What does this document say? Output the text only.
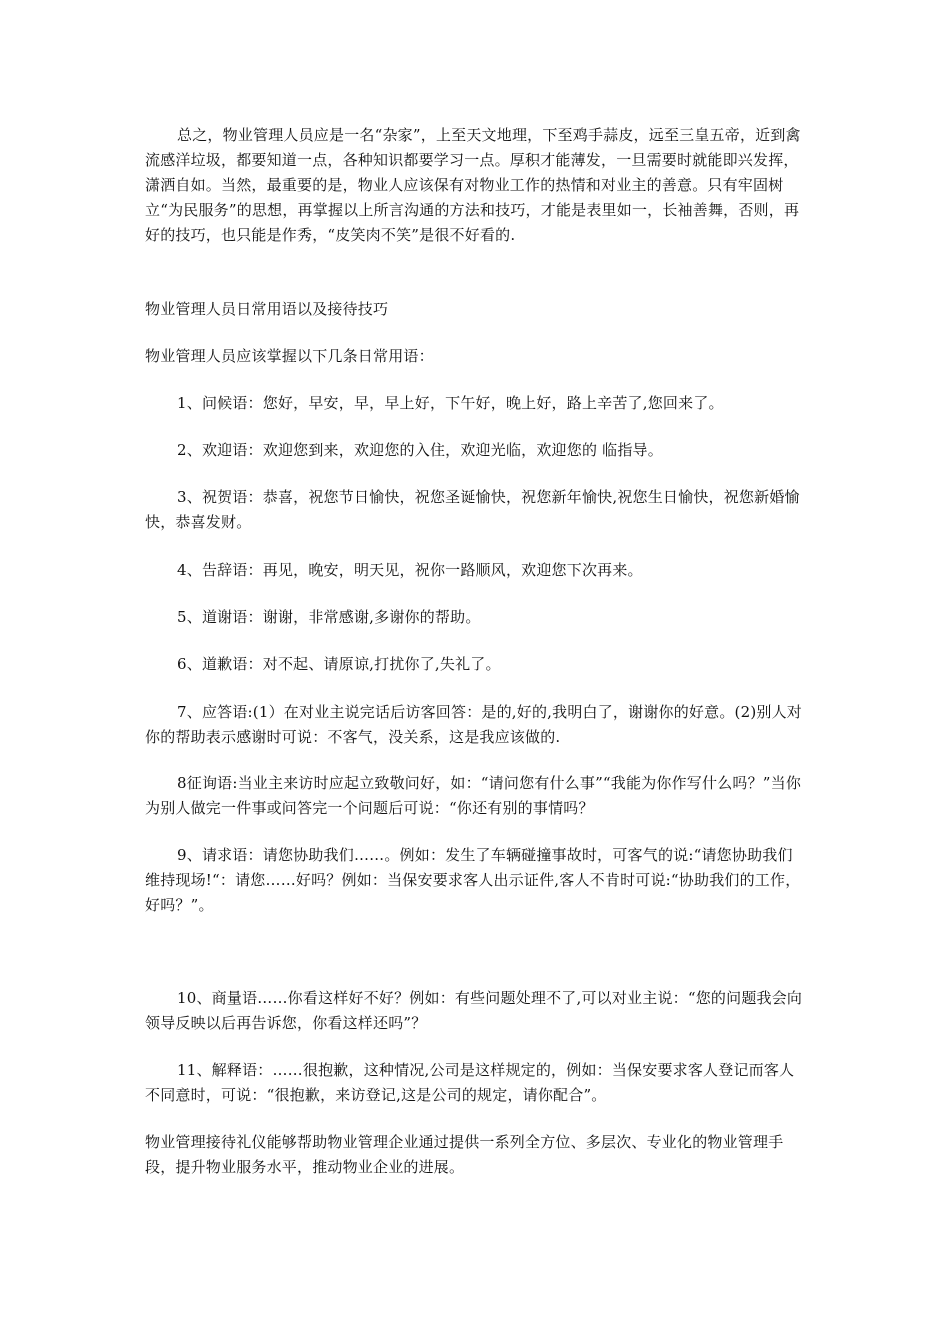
总之，物业管理人员应是一名“杂家”，上至天文地理，下至鸡手蒜皮，远至三皇五帝，近到禽流感洋垃圾，都要知道一点，各种知识都要学习一点。厚积才能薄发，一旦需要时就能即兴发挥，潇洒自如。当然，最重要的是，物业人应该保有对物业工作的热情和对业主的善意。只有牢固树立“为民服务”的思想，再掌握以上所言沟通的方法和技巧，才能是表里如一，长袖善舞，否则，再好的技巧，也只能是作秀，“皮笑肉不笑”是很不好看的.

物业管理人员日常用语以及接待技巧

物业管理人员应该掌握以下几条日常用语：

1、问候语：您好，早安，早，早上好，下午好，晚上好，路上辛苦了,您回来了。

2、欢迎语：欢迎您到来，欢迎您的入住，欢迎光临，欢迎您的 临指导。

3、祝贺语：恭喜，祝您节日愉快，祝您圣诞愉快，祝您新年愉快,祝您生日愉快，祝您新婚愉快，恭喜发财。

4、告辞语：再见，晚安，明天见，祝你一路顺风，欢迎您下次再来。

5、道谢语：谢谢，非常感谢,多谢你的帮助。

6、道歉语：对不起、请原谅,打扰你了,失礼了。

7、应答语:(1）在对业主说完话后访客回答：是的,好的,我明白了，谢谢你的好意。(2)别人对你的帮助表示感谢时可说：不客气，没关系，这是我应该做的.

8征询语:当业主来访时应起立致敬问好，如：“请问您有什么事”“我能为你作写什么吗？”当你为别人做完一件事或问答完一个问题后可说：“你还有别的事情吗？

9、请求语：请您协助我们……。例如：发生了车辆碰撞事故时，可客气的说:“请您协助我们维持现场!“：请您……好吗？例如：当保安要求客人出示证件,客人不肯时可说:“协助我们的工作，好吗？”。

10、商量语……你看这样好不好？例如：有些问题处理不了,可以对业主说：“您的问题我会向领导反映以后再告诉您，你看这样还吗”？

11、解释语：……很抱歉，这种情况,公司是这样规定的，例如：当保安要求客人登记而客人不同意时，可说：“很抱歉，来访登记,这是公司的规定，请你配合”。

物业管理接待礼仪能够帮助物业管理企业通过提供一系列全方位、多层次、专业化的物业管理手段，提升物业服务水平，推动物业企业的进展。
